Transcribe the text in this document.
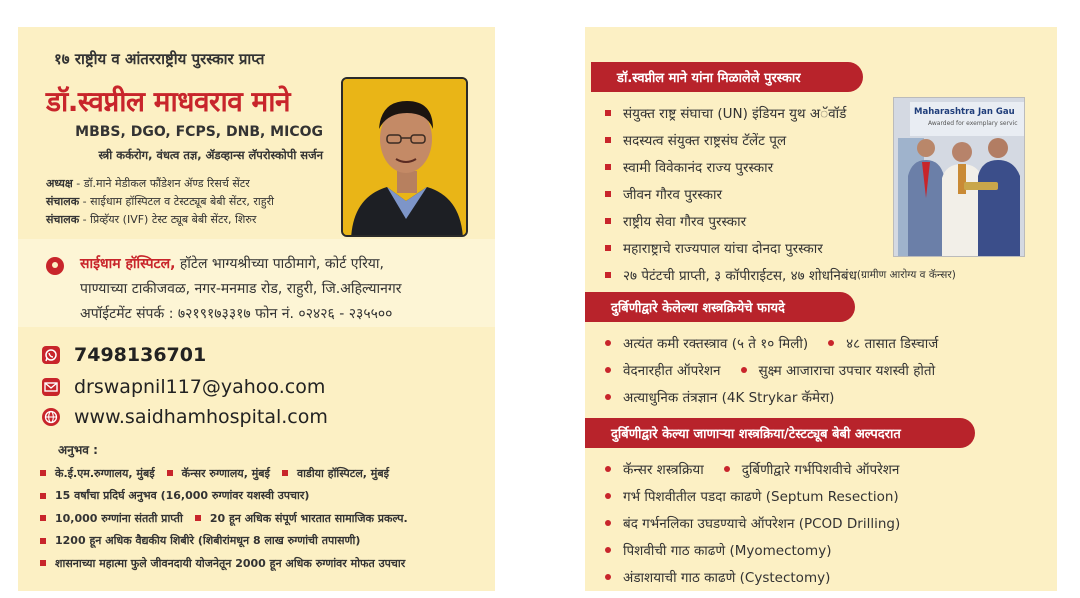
१७ राष्ट्रीय व आंतरराष्ट्रीय पुरस्कार प्राप्त
डॉ.स्वप्नील माधवराव माने
MBBS, DGO, FCPS, DNB, MICOG
स्त्री कर्करोग, वंधत्व तज्ञ, ॲडव्हान्स लॅपरोस्कोपी सर्जन
अध्यक्ष - डॉ.माने मेडीकल फौंडेशन ॲण्ड रिसर्च सेंटर
संचालक - साईधाम हॉस्पिटल व टेस्टट्यूब बेबी सेंटर, राहुरी
संचालक - प्रिव्हॅयर (IVF) टेस्ट ट्यूब बेबी सेंटर, शिरुर
साईधाम हॉस्पिटल, हॉटेल भाग्यश्रीच्या पाठीमागे, कोर्ट एरिया,
पाण्याच्या टाकीजवळ, नगर-मनमाड रोड, राहुरी, जि.अहिल्यानगर
अपॉईटमेंट संपर्क : ७२१९१७३३१७ फोन नं. ०२४२६ - २३५५००
7498136701
drswapnil117@yahoo.com
www.saidhamhospital.com
अनुभव :
के.ई.एम.रुग्णालय, मुंबई कॅन्सर रुग्णालय, मुंबई वाडीया हॉस्पिटल, मुंबई
15 वर्षांचा प्रदिर्घ अनुभव (16,000 रुग्णांवर यशस्वी उपचार)
10,000 रुग्णांना संतती प्राप्ती 20 हून अधिक संपूर्ण भारतात सामाजिक प्रकल्प.
1200 हून अधिक वैद्यकीय शिबीरे (शिबीरांमधून 8 लाख रुग्णांची तपासणी)
शासनाच्या महात्मा फुले जीवनदायी योजनेतून 2000 हून अधिक रुग्णांवर मोफत उपचार
डॉ.स्वप्नील माने यांना मिळालेले पुरस्कार
संयुक्त राष्ट्र संघाचा (UN) इंडियन युथ अॅवॉर्ड
सदस्यत्व संयुक्त राष्ट्रसंघ टॅलेंट पूल
स्वामी विवेकानंद राज्य पुरस्कार
जीवन गौरव पुरस्कार
राष्ट्रीय सेवा गौरव पुरस्कार
महाराष्ट्राचे राज्यपाल यांचा दोनदा पुरस्कार
२७ पेटंटची प्राप्ती, ३ कॉपीराईटस, ४७ शोधनिबंध (ग्रामीण आरोग्य व कॅन्सर)
Maharashtra Jan Gau
Awarded for exemplary servic
दुर्बिणीद्वारे केलेल्या शस्त्रक्रियेचे फायदे
अत्यंत कमी रक्तस्त्राव (५ ते १० मिली)	४८ तासात डिस्चार्ज
वेदनारहीत ऑपरेशन	सुक्ष्म आजाराचा उपचार यशस्वी होतो
अत्याधुनिक तंत्रज्ञान (4K Strykar कॅमेरा)
दुर्बिणीद्वारे केल्या जाणाऱ्या शस्त्रक्रिया/टेस्टट्यूब बेबी अल्पदरात
कॅन्सर शस्त्रक्रिया	दुर्बिणीद्वारे गर्भपिशवीचे ऑपरेशन
गर्भ पिशवीतील पडदा काढणे (Septum Resection)
बंद गर्भनलिका उघडण्याचे ऑपरेशन (PCOD Drilling)
पिशवीची गाठ काढणे (Myomectomy)
अंडाशयाची गाठ काढणे (Cystectomy)
